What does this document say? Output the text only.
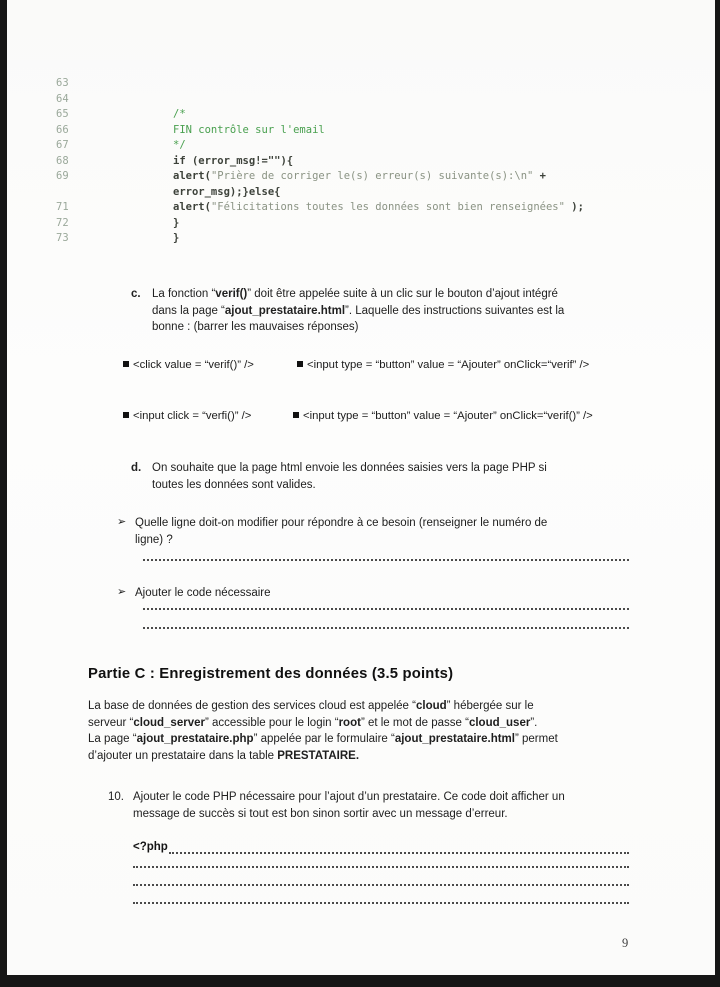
63
64
65	/*
66	FIN contrôle sur l'email
67	*/
68	if (error_msg!=""){
69	alert("Prière de corriger le(s) erreur(s) suivante(s):\n" +
error_msg);}else{
71	alert("Félicitations toutes les données sont bien renseignées" );
72	}
73	}
c. La fonction “verif()” doit être appelée suite à un clic sur le bouton d’ajout intégré
dans la page “ajout_prestataire.html”. Laquelle des instructions suivantes est la
bonne : (barrer les mauvaises réponses)
<click value = “verif()” />	<input type = “button” value = “Ajouter” onClick=“verif” />
<input click = “verfi()” />	<input type = “button” value = “Ajouter” onClick=“verif()” />
d. On souhaite que la page html envoie les données saisies vers la page PHP si
toutes les données sont valides.
➢ Quelle ligne doit-on modifier pour répondre à ce besoin (renseigner le numéro de
ligne) ?
➢ Ajouter le code nécessaire
Partie C : Enregistrement des données (3.5 points)
La base de données de gestion des services cloud est appelée “cloud” hébergée sur le
serveur “cloud_server” accessible pour le login “root” et le mot de passe “cloud_user”.
La page “ajout_prestataire.php” appelée par le formulaire “ajout_prestataire.html” permet
d’ajouter un prestataire dans la table PRESTATAIRE.
10. Ajouter le code PHP nécessaire pour l’ajout d’un prestataire. Ce code doit afficher un
message de succès si tout est bon sinon sortir avec un message d’erreur.
<?php
9
